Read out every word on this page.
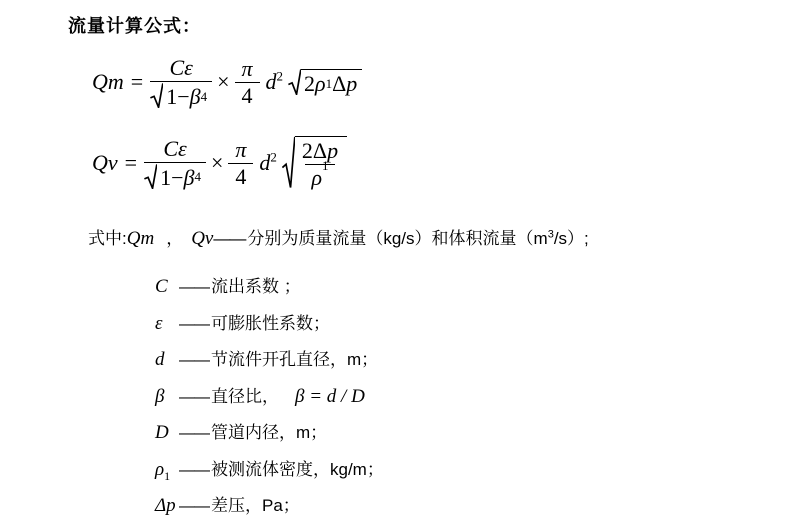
流量计算公式：
$Qm = \frac{C\varepsilon}{1- \beta 4} \times \frac{\pi}{4} d^2$ 2 ρ 1 Δ p
$Qv = \frac{C\varepsilon}{1- \beta 4} \times \frac{\pi}{4} d^2 \frac{2\Delta p}{\rho 1}$
式中:Qm ， Qv—— 分别为质量流量（kg/s）和体积流量$(m^3/s)$;
C —— 流出系数 ；
ε	—— 可膨胀性系数；
d —— 节流件开孔直径，m；
β —— 直径比， β = d / D
D —— 管道内径，m；
$\rho_1$ —— 被测流体密度，kg/m；
Δp —— 差压，Pa；
